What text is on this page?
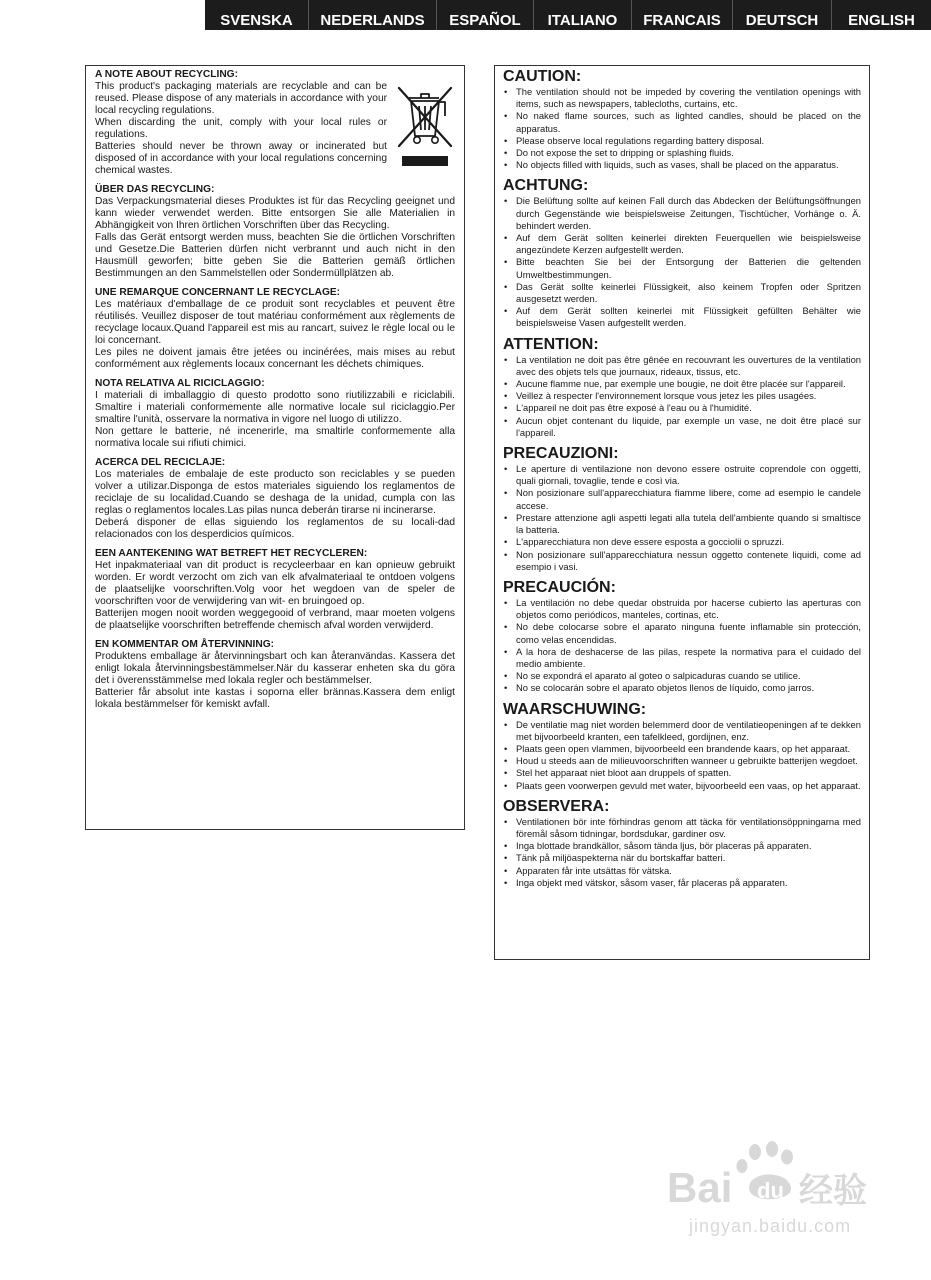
SVENSKA	NEDERLANDS	ESPAÑOL	ITALIANO	FRANCAIS	DEUTSCH	ENGLISH
A NOTE ABOUT RECYCLING:

This product's packaging materials are recyclable and can be reused. Please dispose of any materials in accordance with your local recycling regulations.

When discarding the unit, comply with your local rules or regulations.

Batteries should never be thrown away or incinerated but disposed of in accordance with your local regulations concerning chemical wastes.

ÜBER DAS RECYCLING:

Das Verpackungsmaterial dieses Produktes ist für das Recycling geeignet und kann wieder verwendet werden. Bitte entsorgen Sie alle Materialien in Abhängigkeit von Ihren örtlichen Vorschriften über das Recycling.

Falls das Gerät entsorgt werden muss, beachten Sie die örtlichen Vorschriften und Gesetze.Die Batterien dürfen nicht verbrannt und auch nicht in den Hausmüll geworfen; bitte geben Sie die Batterien gemäß örtlichen Bestimmungen an den Sammelstellen oder Sondermüllplätzen ab.

UNE REMARQUE CONCERNANT LE RECYCLAGE:

Les matériaux d'emballage de ce produit sont recyclables et peuvent être réutilisés. Veuillez disposer de tout matériau conformément aux règlements de recyclage locaux.Quand l'appareil est mis au rancart, suivez le règle local ou le loi concernant.

Les piles ne doivent jamais être jetées ou incinérées, mais mises au rebut conformément aux règlements locaux concernant les déchets chimiques.

NOTA RELATIVA AL RICICLAGGIO:

I materiali di imballaggio di questo prodotto sono riutilizzabili e riciclabili. Smaltire i materiali conformemente alle normative locale sul riciclaggio.Per smaltire l'unità, osservare la normativa in vigore nel luogo di utilizzo.

Non gettare le batterie, né incenerirle, ma smaltirle conformemente alla normativa locale sui rifiuti chimici.

ACERCA DEL RECICLAJE:

Los materiales de embalaje de este producto son reciclables y se pueden volver a utilizar.Disponga de estos materiales siguiendo los reglamentos de reciclaje de su localidad.Cuando se deshaga de la unidad, cumpla con las reglas o reglamentos locales.Las pilas nunca deberán tirarse ni incinerarse.

Deberá disponer de ellas siguiendo los reglamentos de su locali-dad relacionados con los desperdicios químicos.

EEN AANTEKENING WAT BETREFT HET RECYCLEREN:

Het inpakmateriaal van dit product is recycleerbaar en kan opnieuw gebruikt worden. Er wordt verzocht om zich van elk afvalmateriaal te ontdoen volgens de plaatselijke voorschriften.Volg voor het wegdoen van de speler de voorschriften voor de verwijdering van wit- en bruingoed op.

Batterijen mogen nooit worden weggegooid of verbrand, maar moeten volgens de plaatselijke voorschriften betreffende chemisch afval worden verwijderd.

EN KOMMENTAR OM ÅTERVINNING:

Produktens emballage är återvinningsbart och kan återanvändas. Kassera det enligt lokala återvinningsbestämmelser.När du kasserar enheten ska du göra det i överensstämmelse med lokala regler och bestämmelser.

Batterier får absolut inte kastas i soporna eller brännas.Kassera dem enligt lokala bestämmelser för kemiskt avfall.

CAUTION:
• The ventilation should not be impeded by covering the ventilation openings with items, such as newspapers, tablecloths, curtains, etc.
• No naked flame sources, such as lighted candles, should be placed on the apparatus.
• Please observe local regulations regarding battery disposal.
• Do not expose the set to dripping or splashing fluids.
• No objects filled with liquids, such as vases, shall be placed on the apparatus.
ACHTUNG:
• Die Belüftung sollte auf keinen Fall durch das Abdecken der Belüftungsöffnungen durch Gegenstände wie beispielsweise Zeitungen, Tischtücher, Vorhänge o. Ä. behindert werden.
• Auf dem Gerät sollten keinerlei direkten Feuerquellen wie beispielsweise angezündete Kerzen aufgestellt werden.
• Bitte beachten Sie bei der Entsorgung der Batterien die geltenden Umweltbestimmungen.
• Das Gerät sollte keinerlei Flüssigkeit, also keinem Tropfen oder Spritzen ausgesetzt werden.
• Auf dem Gerät sollten keinerlei mit Flüssigkeit gefüllten Behälter wie beispielsweise Vasen aufgestellt werden.
ATTENTION:
• La ventilation ne doit pas être gênée en recouvrant les ouvertures de la ventilation avec des objets tels que journaux, rideaux, tissus, etc.
• Aucune flamme nue, par exemple une bougie, ne doit être placée sur l'appareil.
• Veillez à respecter l'environnement lorsque vous jetez les piles usagées.
• L'appareil ne doit pas être exposé à l'eau ou à l'humidité.
• Aucun objet contenant du liquide, par exemple un vase, ne doit être placé sur l'appareil.
PRECAUZIONI:
• Le aperture di ventilazione non devono essere ostruite coprendole con oggetti, quali giornali, tovaglie, tende e così via.
• Non posizionare sull'apparecchiatura fiamme libere, come ad esempio le candele accese.
• Prestare attenzione agli aspetti legati alla tutela dell'ambiente quando si smaltisce la batteria.
• L'apparecchiatura non deve essere esposta a gocciolii o spruzzi.
• Non posizionare sull'apparecchiatura nessun oggetto contenete liquidi, come ad esempio i vasi.
PRECAUCIÓN:
• La ventilación no debe quedar obstruida por hacerse cubierto las aperturas con objetos como periódicos, manteles, cortinas, etc.
• No debe colocarse sobre el aparato ninguna fuente inflamable sin protección, como velas encendidas.
• A la hora de deshacerse de las pilas, respete la normativa para el cuidado del medio ambiente.
• No se expondrá el aparato al goteo o salpicaduras cuando se utilice.
• No se colocarán sobre el aparato objetos llenos de líquido, como jarros.
WAARSCHUWING:
• De ventilatie mag niet worden belemmerd door de ventilatieopeningen af te dekken met bijvoorbeeld kranten, een tafelkleed, gordijnen, enz.
• Plaats geen open vlammen, bijvoorbeeld een brandende kaars, op het apparaat.
• Houd u steeds aan de milieuvoorschriften wanneer u gebruikte batterijen wegdoet.
• Stel het apparaat niet bloot aan druppels of spatten.
• Plaats geen voorwerpen gevuld met water, bijvoorbeeld een vaas, op het apparaat.
OBSERVERA:
• Ventilationen bör inte förhindras genom att täcka för ventilationsöppningarna med föremål såsom tidningar, bordsdukar, gardiner osv.
• Inga blottade brandkällor, såsom tända ljus, bör placeras på apparaten.
• Tänk på miljöaspekterna när du bortskaffar batteri.
• Apparaten får inte utsättas för vätska.
• Inga objekt med vätskor, såsom vaser, får placeras på apparaten.
Bai du 经验
jingyan.baidu.com
